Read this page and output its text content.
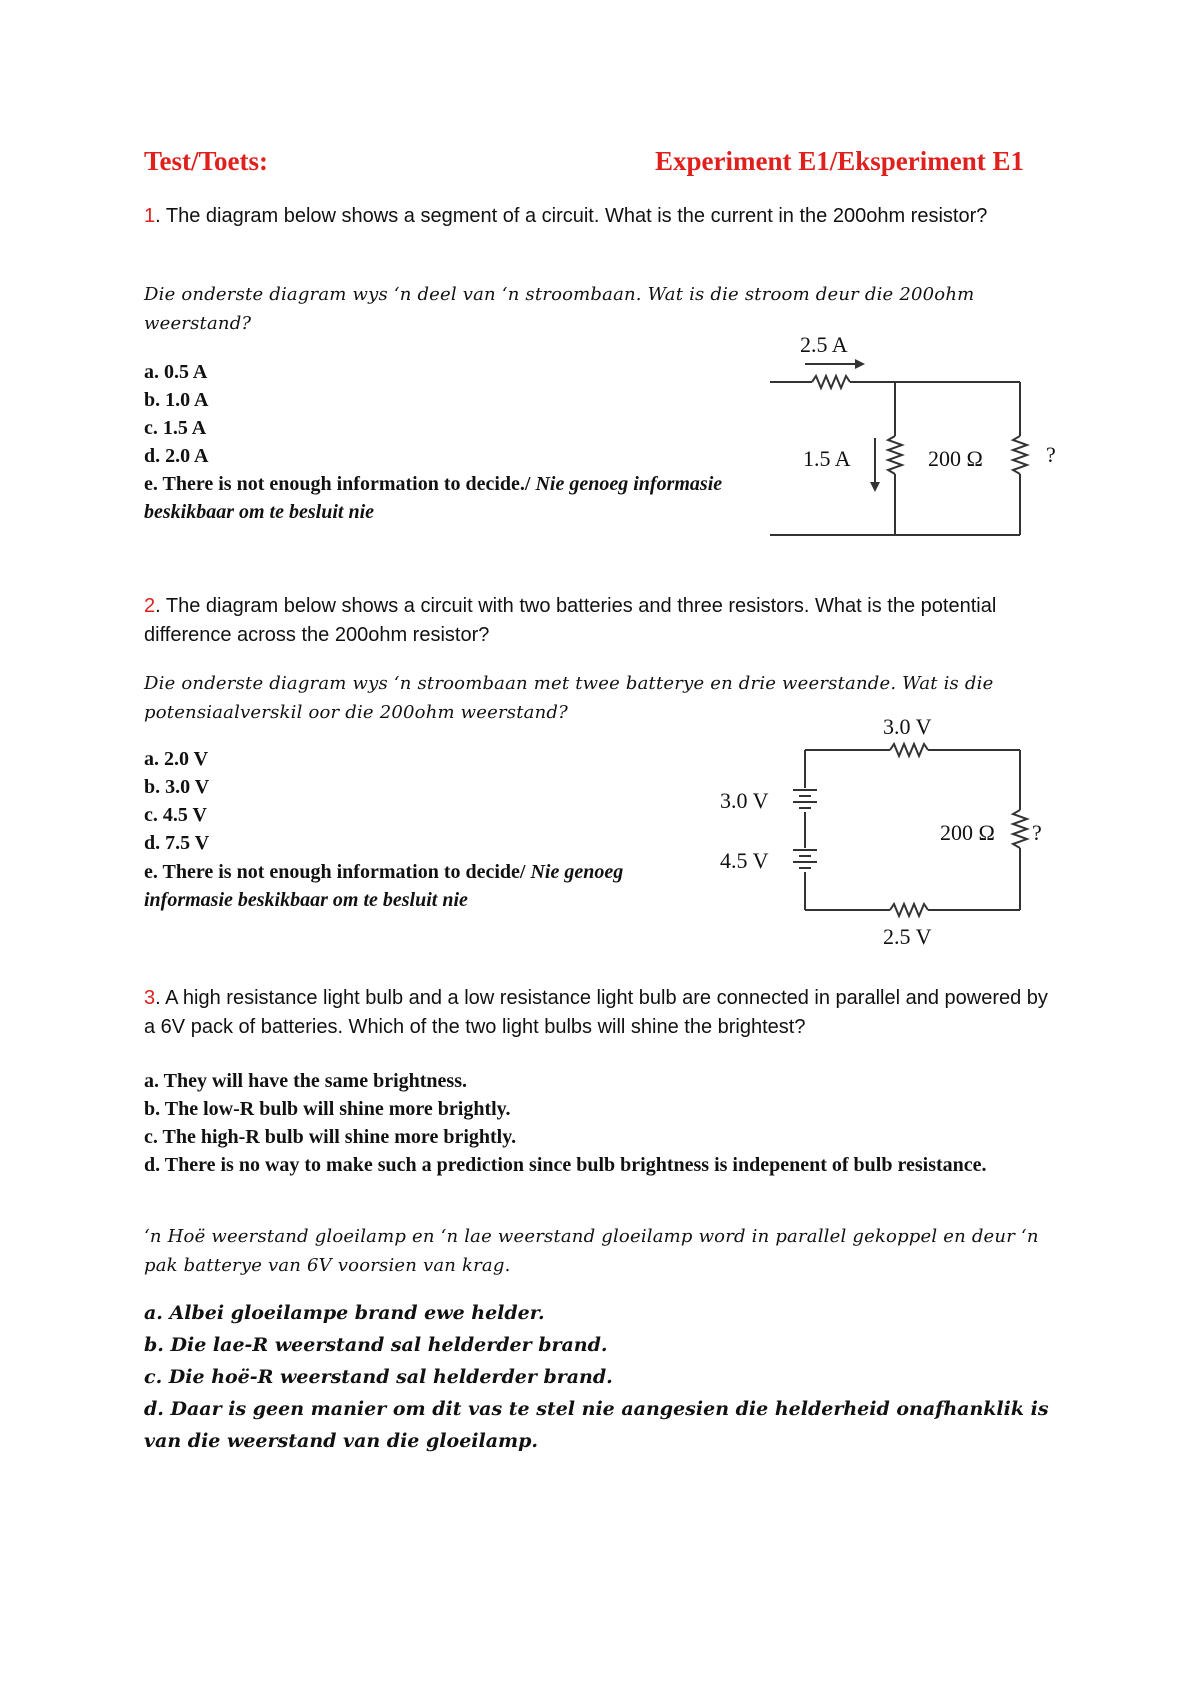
Test/Toets:	Experiment E1/Eksperiment E1
1. The diagram below shows a segment of a circuit. What is the current in the 200ohm resistor?
Die onderste diagram wys ‘n deel van ‘n stroombaan. Wat is die stroom deur die 200ohm weerstand?
a. 0.5 A
b. 1.0 A
c. 1.5 A
d. 2.0 A
e. There is not enough information to decide./ Nie genoeg informasie beskikbaar om te besluit nie
2.5 A
1.5 A	200 Ω	?
2. The diagram below shows a circuit with two batteries and three resistors. What is the potential difference across the 200ohm resistor?
Die onderste diagram wys ‘n stroombaan met twee batterye en drie weerstande. Wat is die potensiaalverskil oor die 200ohm weerstand?
a. 2.0 V
b. 3.0 V
c. 4.5 V
d. 7.5 V
e. There is not enough information to decide/ Nie genoeg informasie beskikbaar om te besluit nie
3.0 V
3.0 V
4.5 V
200 Ω ?
2.5 V
3. A high resistance light bulb and a low resistance light bulb are connected in parallel and powered by a 6V pack of batteries. Which of the two light bulbs will shine the brightest?
a. They will have the same brightness.
b. The low-R bulb will shine more brightly.
c. The high-R bulb will shine more brightly.
d. There is no way to make such a prediction since bulb brightness is indepenent of bulb resistance.
‘n Hoë weerstand gloeilamp en ‘n lae weerstand gloeilamp word in parallel gekoppel en deur ‘n pak batterye van 6V voorsien van krag.
a. Albei gloeilampe brand ewe helder.
b. Die lae-R weerstand sal helderder brand.
c. Die hoë-R weerstand sal helderder brand.
d. Daar is geen manier om dit vas te stel nie aangesien die helderheid onafhanklik is van die weerstand van die gloeilamp.
